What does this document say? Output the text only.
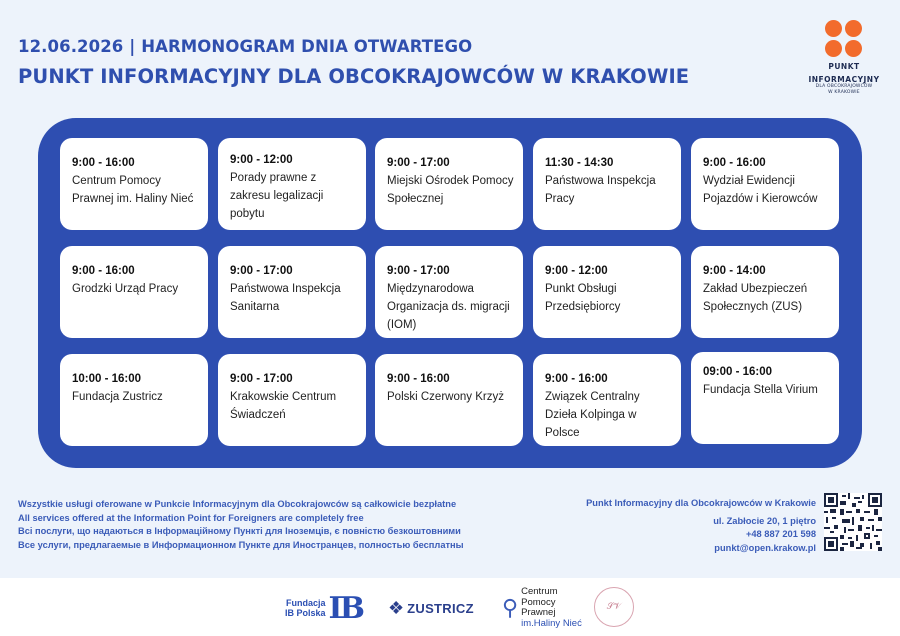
12.06.2026 | HARMONOGRAM DNIA OTWARTEGO
PUNKT INFORMACYJNY DLA OBCOKRAJOWCÓW W KRAKOWIE	PUNKT
INFORMACYJNY
DLA OBCOKRAJOWCÓW
W KRAKOWIE
9:00 - 16:00
Centrum Pomocy Prawnej im. Haliny Nieć
9:00 - 12:00
Porady prawne z zakresu legalizacji pobytu
9:00 - 17:00
Miejski Ośrodek Pomocy Społecznej
11:30 - 14:30
Państwowa Inspekcja Pracy
9:00 - 16:00
Wydział Ewidencji Pojazdów i Kierowców
9:00 - 16:00
Grodzki Urząd Pracy
9:00 - 17:00
Państwowa Inspekcja Sanitarna
9:00 - 17:00
Międzynarodowa Organizacja ds. migracji (IOM)
9:00 - 12:00
Punkt Obsługi Przedsiębiorcy
9:00 - 14:00
Zakład Ubezpieczeń Społecznych (ZUS)
10:00 - 16:00
Fundacja Zustricz
9:00 - 17:00
Krakowskie Centrum Świadczeń
9:00 - 16:00
Polski Czerwony Krzyż
9:00 - 16:00
Związek Centralny Dzieła Kolpinga w Polsce
09:00 - 16:00
Fundacja Stella Virium
Wszystkie usługi oferowane w Punkcie Informacyjnym dla Obcokrajowców są całkowicie bezpłatne
All services offered at the Information Point for Foreigners are completely free
Всі послуги, що надаються в Інформаційному Пункті для Іноземців, є повністю безкоштовними
Все услуги, предлагаемые в Информационном Пункте для Иностранцев, полностью бесплатны
Punkt Informacyjny dla Obcokrajowców w Krakowie
ul. Zabłocie 20, 1 piętro
+48 887 201 598
punkt@open.krakow.pl
Fundacja
IB Polska IB ❖ ZUSTRICZ ⚲
Centrum
Pomocy
Prawnej
im.Haliny Nieć
𝒮𝒱
